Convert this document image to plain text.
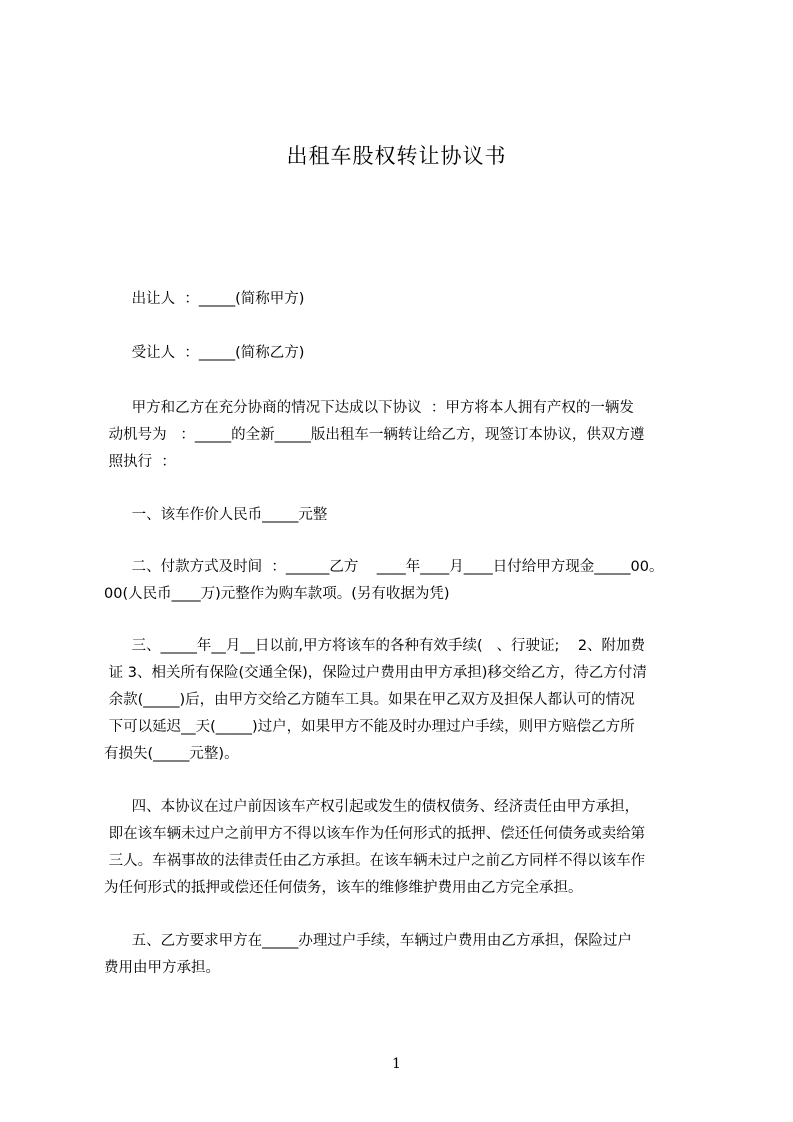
出租车股权转让协议书
出让人  ：_____(简称甲方)
受让人  ：_____(简称乙方)
甲方和乙方在充分协商的情况下达成以下协议  ：甲方将本人拥有产权的一辆发
动机号为   ：_____的全新_____版出租车一辆转让给乙方，现签订本协议，供双方遵
照执行  ：
一、该车作价人民币_____元整
二、付款方式及时间  ：______乙方    ____年____月____日付给甲方现金_____00。
00(人民币____万)元整作为购车款项。(另有收据为凭)
三、_____年__月__日以前,甲方将该车的各种有效手续(   、行驶证;    2、附加费
证 3、相关所有保险(交通全保)，保险过户费用由甲方承担)移交给乙方，待乙方付清
余款(_____)后，由甲方交给乙方随车工具。如果在甲乙双方及担保人都认可的情况
下可以延迟__天(_____)过户，如果甲方不能及时办理过户手续，则甲方赔偿乙方所
有损失(_____元整)。
四、本协议在过户前因该车产权引起或发生的债权债务、经济责任由甲方承担，
即在该车辆未过户之前甲方不得以该车作为任何形式的抵押、偿还任何债务或卖给第
三人。车祸事故的法律责任由乙方承担。在该车辆未过户之前乙方同样不得以该车作
为任何形式的抵押或偿还任何债务，该车的维修维护费用由乙方完全承担。
五、乙方要求甲方在_____办理过户手续，车辆过户费用由乙方承担，保险过户
费用由甲方承担。
1
